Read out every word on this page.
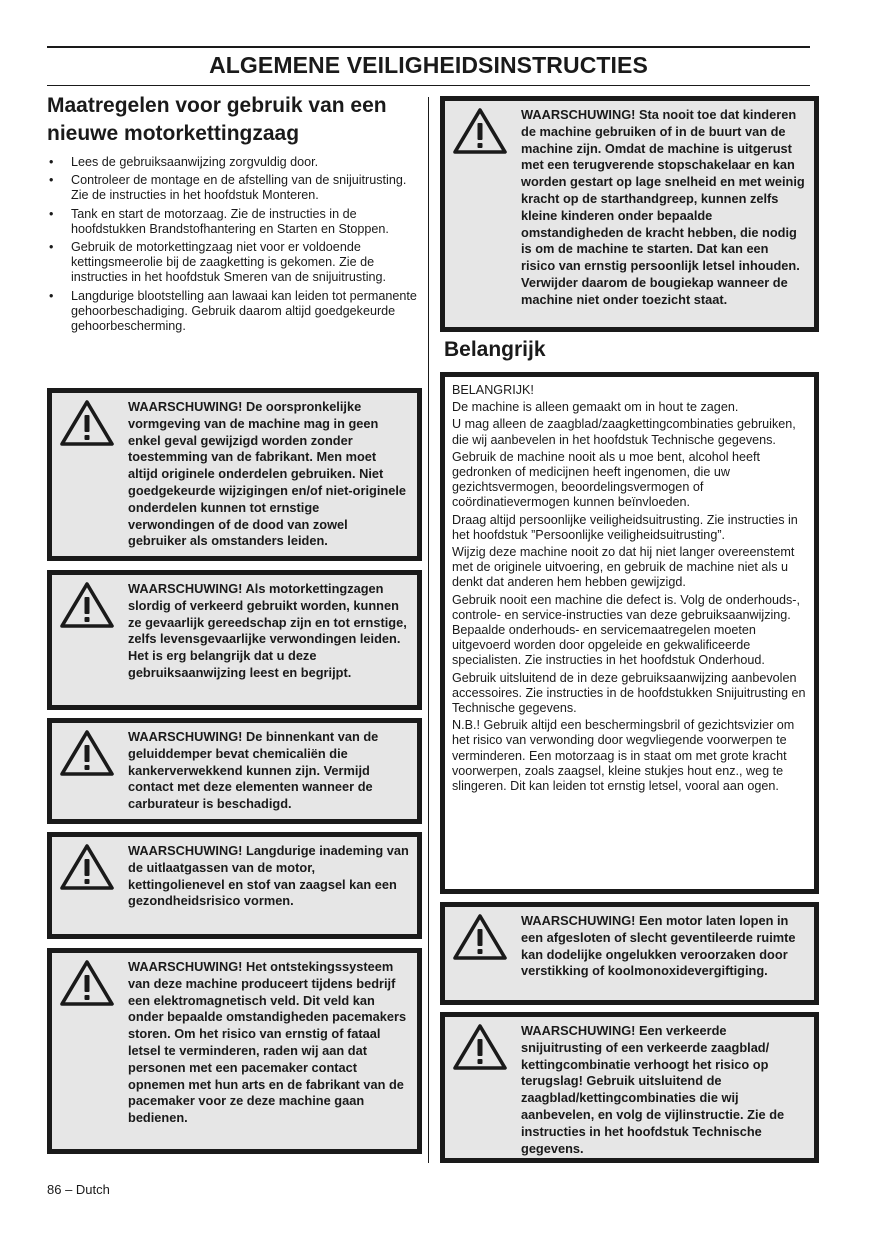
ALGEMENE VEILIGHEIDSINSTRUCTIES
Maatregelen voor gebruik van een nieuwe motorkettingzaag
• Lees de gebruiksaanwijzing zorgvuldig door.
• Controleer de montage en de afstelling van de snijuitrusting. Zie de instructies in het hoofdstuk Monteren.
• Tank en start de motorzaag. Zie de instructies in de hoofdstukken Brandstofhantering en Starten en Stoppen.
• Gebruik de motorkettingzaag niet voor er voldoende kettingsmeerolie bij de zaagketting is gekomen. Zie de instructies in het hoofdstuk Smeren van de snijuitrusting.
• Langdurige blootstelling aan lawaai kan leiden tot permanente gehoorbeschadiging. Gebruik daarom altijd goedgekeurde gehoorbescherming.

WAARSCHUWING! De oorspronkelijke vormgeving van de machine mag in geen enkel geval gewijzigd worden zonder toestemming van de fabrikant. Men moet altijd originele onderdelen gebruiken. Niet goedgekeurde wijzigingen en/of niet-originele onderdelen kunnen tot ernstige verwondingen of de dood van zowel gebruiker als omstanders leiden.

WAARSCHUWING! Als motorkettingzagen slordig of verkeerd gebruikt worden, kunnen ze gevaarlijk gereedschap zijn en tot ernstige, zelfs levensgevaarlijke verwondingen leiden. Het is erg belangrijk dat u deze gebruiksaanwijzing leest en begrijpt.

WAARSCHUWING! De binnenkant van de geluiddemper bevat chemicaliën die kankerverwekkend kunnen zijn. Vermijd contact met deze elementen wanneer de carburateur is beschadigd.

WAARSCHUWING! Langdurige inademing van de uitlaatgassen van de motor, kettingolienevel en stof van zaagsel kan een gezondheidsrisico vormen.

WAARSCHUWING! Het ontstekingssysteem van deze machine produceert tijdens bedrijf een elektromagnetisch veld. Dit veld kan onder bepaalde omstandigheden pacemakers storen. Om het risico van ernstig of fataal letsel te verminderen, raden wij aan dat personen met een pacemaker contact opnemen met hun arts en de fabrikant van de pacemaker voor ze deze machine gaan bedienen.

WAARSCHUWING! Sta nooit toe dat kinderen de machine gebruiken of in de buurt van de machine zijn. Omdat de machine is uitgerust met een terugverende stopschakelaar en kan worden gestart op lage snelheid en met weinig kracht op de starthandgreep, kunnen zelfs kleine kinderen onder bepaalde omstandigheden de kracht hebben, die nodig is om de machine te starten. Dat kan een risico van ernstig persoonlijk letsel inhouden. Verwijder daarom de bougiekap wanneer de machine niet onder toezicht staat.

Belangrijk

BELANGRIJK!

De machine is alleen gemaakt om in hout te zagen.

U mag alleen de zaagblad/zaagkettingcombinaties gebruiken, die wij aanbevelen in het hoofdstuk Technische gegevens.

Gebruik de machine nooit als u moe bent, alcohol heeft gedronken of medicijnen heeft ingenomen, die uw gezichtsvermogen, beoordelingsvermogen of coördinatievermogen kunnen beïnvloeden.

Draag altijd persoonlijke veiligheidsuitrusting. Zie instructies in het hoofdstuk ”Persoonlijke veiligheidsuitrusting”.

Wijzig deze machine nooit zo dat hij niet langer overeenstemt met de originele uitvoering, en gebruik de machine niet als u denkt dat anderen hem hebben gewijzigd.

Gebruik nooit een machine die defect is. Volg de onderhouds-, controle- en service-instructies van deze gebruiksaanwijzing. Bepaalde onderhouds- en servicemaatregelen moeten uitgevoerd worden door opgeleide en gekwalificeerde specialisten. Zie instructies in het hoofdstuk Onderhoud.

Gebruik uitsluitend de in deze gebruiksaanwijzing aanbevolen accessoires. Zie instructies in de hoofdstukken Snijuitrusting en Technische gegevens.

N.B.! Gebruik altijd een beschermingsbril of gezichtsvizier om het risico van verwonding door wegvliegende voorwerpen te verminderen. Een motorzaag is in staat om met grote kracht voorwerpen, zoals zaagsel, kleine stukjes hout enz., weg te slingeren. Dit kan leiden tot ernstig letsel, vooral aan ogen.

WAARSCHUWING! Een motor laten lopen in een afgesloten of slecht geventileerde ruimte kan dodelijke ongelukken veroorzaken door verstikking of koolmonoxidevergiftiging.

WAARSCHUWING! Een verkeerde snijuitrusting of een verkeerde zaagblad/ kettingcombinatie verhoogt het risico op terugslag! Gebruik uitsluitend de zaagblad/kettingcombinaties die wij aanbevelen, en volg de vijlinstructie. Zie de instructies in het hoofdstuk Technische gegevens.

86 – Dutch
